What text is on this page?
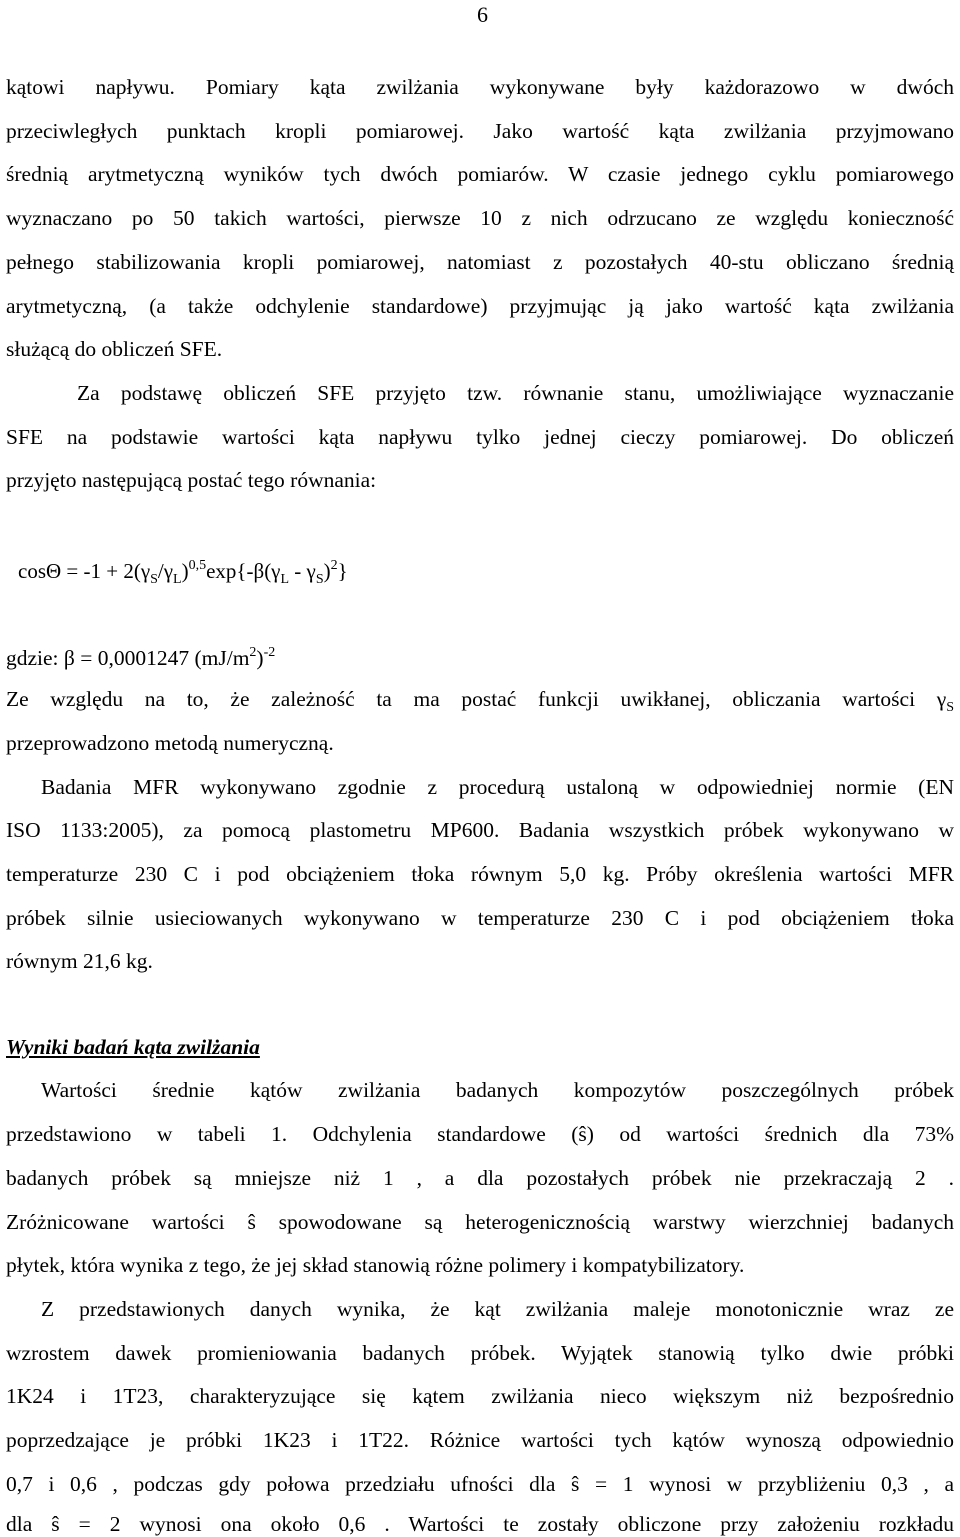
6
kątowi napływu. Pomiary kąta zwilżania wykonywane były każdorazowo w dwóch
przeciwległych punktach kropli pomiarowej. Jako wartość kąta zwilżania przyjmowano
średnią arytmetyczną wyników tych dwóch pomiarów. W czasie jednego cyklu pomiarowego
wyznaczano po 50 takich wartości, pierwsze 10 z nich odrzucano ze względu konieczność
pełnego stabilizowania kropli pomiarowej, natomiast z pozostałych 40-stu obliczano średnią
arytmetyczną, (a także odchylenie standardowe) przyjmując ją jako wartość kąta zwilżania
służącą do obliczeń SFE.
Za podstawę obliczeń SFE przyjęto tzw. równanie stanu, umożliwiające wyznaczanie
SFE na podstawie wartości kąta napływu tylko jednej cieczy pomiarowej. Do obliczeń
przyjęto następującą postać tego równania:
$\cos\Theta = -1 + 2(\gamma_S/\gamma_L)^{0,5}\exp\{-\beta(\gamma_L - \gamma_S)^2\}$
gdzie: β = 0,0001247 $(mJ/m^2)^{-2}$
Ze względu na to, że zależność ta ma postać funkcji uwikłanej, obliczania wartości $\gamma_S$
przeprowadzono metodą numeryczną.
Badania MFR wykonywano zgodnie z procedurą ustaloną w odpowiedniej normie (EN
ISO 1133:2005), za pomocą plastometru MP600. Badania wszystkich próbek wykonywano w
temperaturze 230 C i pod obciążeniem tłoka równym 5,0 kg. Próby określenia wartości MFR
próbek silnie usieciowanych wykonywano w temperaturze 230 C i pod obciążeniem tłoka
równym 21,6 kg.
Wyniki badań kąta zwilżania
Wartości średnie kątów zwilżania badanych kompozytów poszczególnych próbek
przedstawiono w tabeli 1. Odchylenia standardowe (ŝ) od wartości średnich dla 73%
badanych próbek są mniejsze niż 1 , a dla pozostałych próbek nie przekraczają 2 .
Zróżnicowane wartości ŝ spowodowane są heterogenicznością warstwy wierzchniej badanych
płytek, która wynika z tego, że jej skład stanowią różne polimery i kompatybilizatory.
Z przedstawionych danych wynika, że kąt zwilżania maleje monotonicznie wraz ze
wzrostem dawek promieniowania badanych próbek. Wyjątek stanowią tylko dwie próbki
1K24 i 1T23, charakteryzujące się kątem zwilżania nieco większym niż bezpośrednio
poprzedzające je próbki 1K23 i 1T22. Różnice wartości tych kątów wynoszą odpowiednio
0,7 i 0,6 , podczas gdy połowa przedziału ufności dla ŝ = 1 wynosi w przybliżeniu 0,3 , a
dla ŝ = 2 wynosi ona około 0,6 . Wartości te zostały obliczone przy założeniu rozkładu
